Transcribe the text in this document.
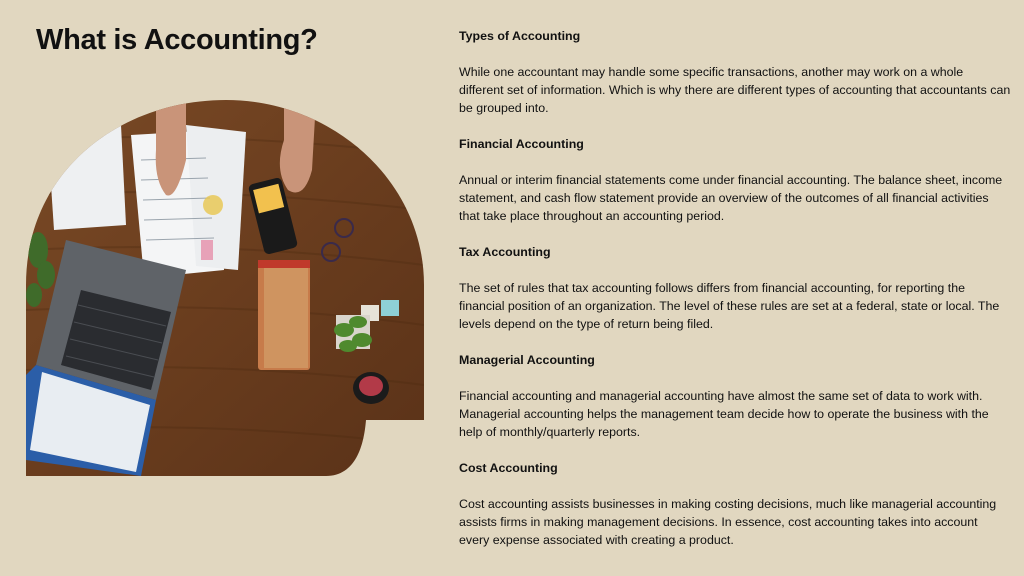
What is Accounting?	Types of Accounting

While one accountant may handle some specific transactions, another may work on a whole different set of information. Which is why there are different types of accounting that accountants can be grouped into.

Financial Accounting

Annual or interim financial statements come under financial accounting. The balance sheet, income statement, and cash flow statement provide an overview of the outcomes of all financial activities that take place throughout an accounting period.

Tax Accounting

The set of rules that tax accounting follows differs from financial accounting, for reporting the financial position of an organization. The level of these rules are set at a federal, state or local. The levels depend on the type of return being filed.

Managerial Accounting

Financial accounting and managerial accounting have almost the same set of data to work with. Managerial accounting helps the management team decide how to operate the business with the help of monthly/quarterly reports.

Cost Accounting

Cost accounting assists businesses in making costing decisions, much like managerial accounting assists firms in making management decisions. In essence, cost accounting takes into account every expense associated with creating a product.
